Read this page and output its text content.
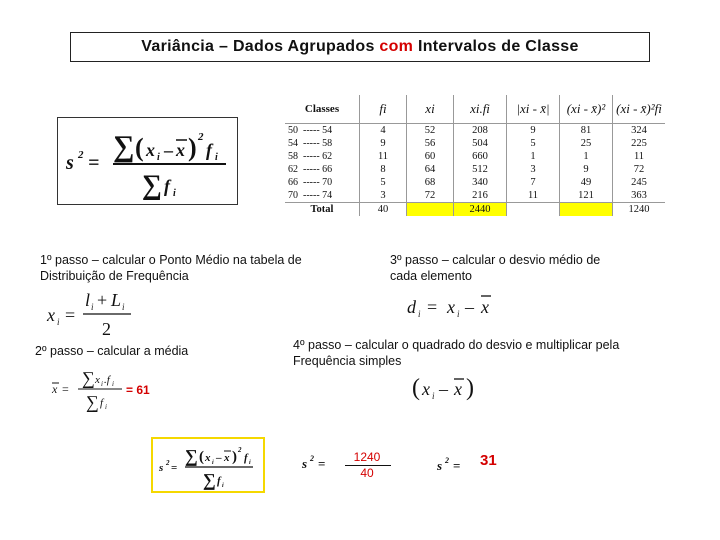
Variância – Dados Agrupados
com
Intervalos de Classe
s 2 = ∑ ( x i – x ) 2
f i
∑ f i
Classes	fi	xi	xi.fi	|xi - x̄|	(xi - x̄)²	(xi - x̄)²fi
50  ----- 54	4	52	208	9	81	324
54  ----- 58	9	56	504	5	25	225
58  ----- 62	11	60	660	1	1	11
62  ----- 66	8	64	512	3	9	72
66  ----- 70	5	68	340	7	49	245
70  ----- 74	3	72	216	11	121	363
Total	40		2440			1240
1º passo – calcular o Ponto Médio na tabela de Distribuição de Frequência
x i =
l i + L i
2
2º passo – calcular a média
x =
∑ x i .f i
∑ f i
= 61
3º passo – calcular o desvio médio de cada elemento
d i = x i – x
4º passo – calcular o quadrado do desvio e multiplicar pela Frequência simples
( x i – x )
s 2 =
∑ ( x i – x ) 2
f i
∑ f i
s 2 =	1240
40	s 2 = 31
